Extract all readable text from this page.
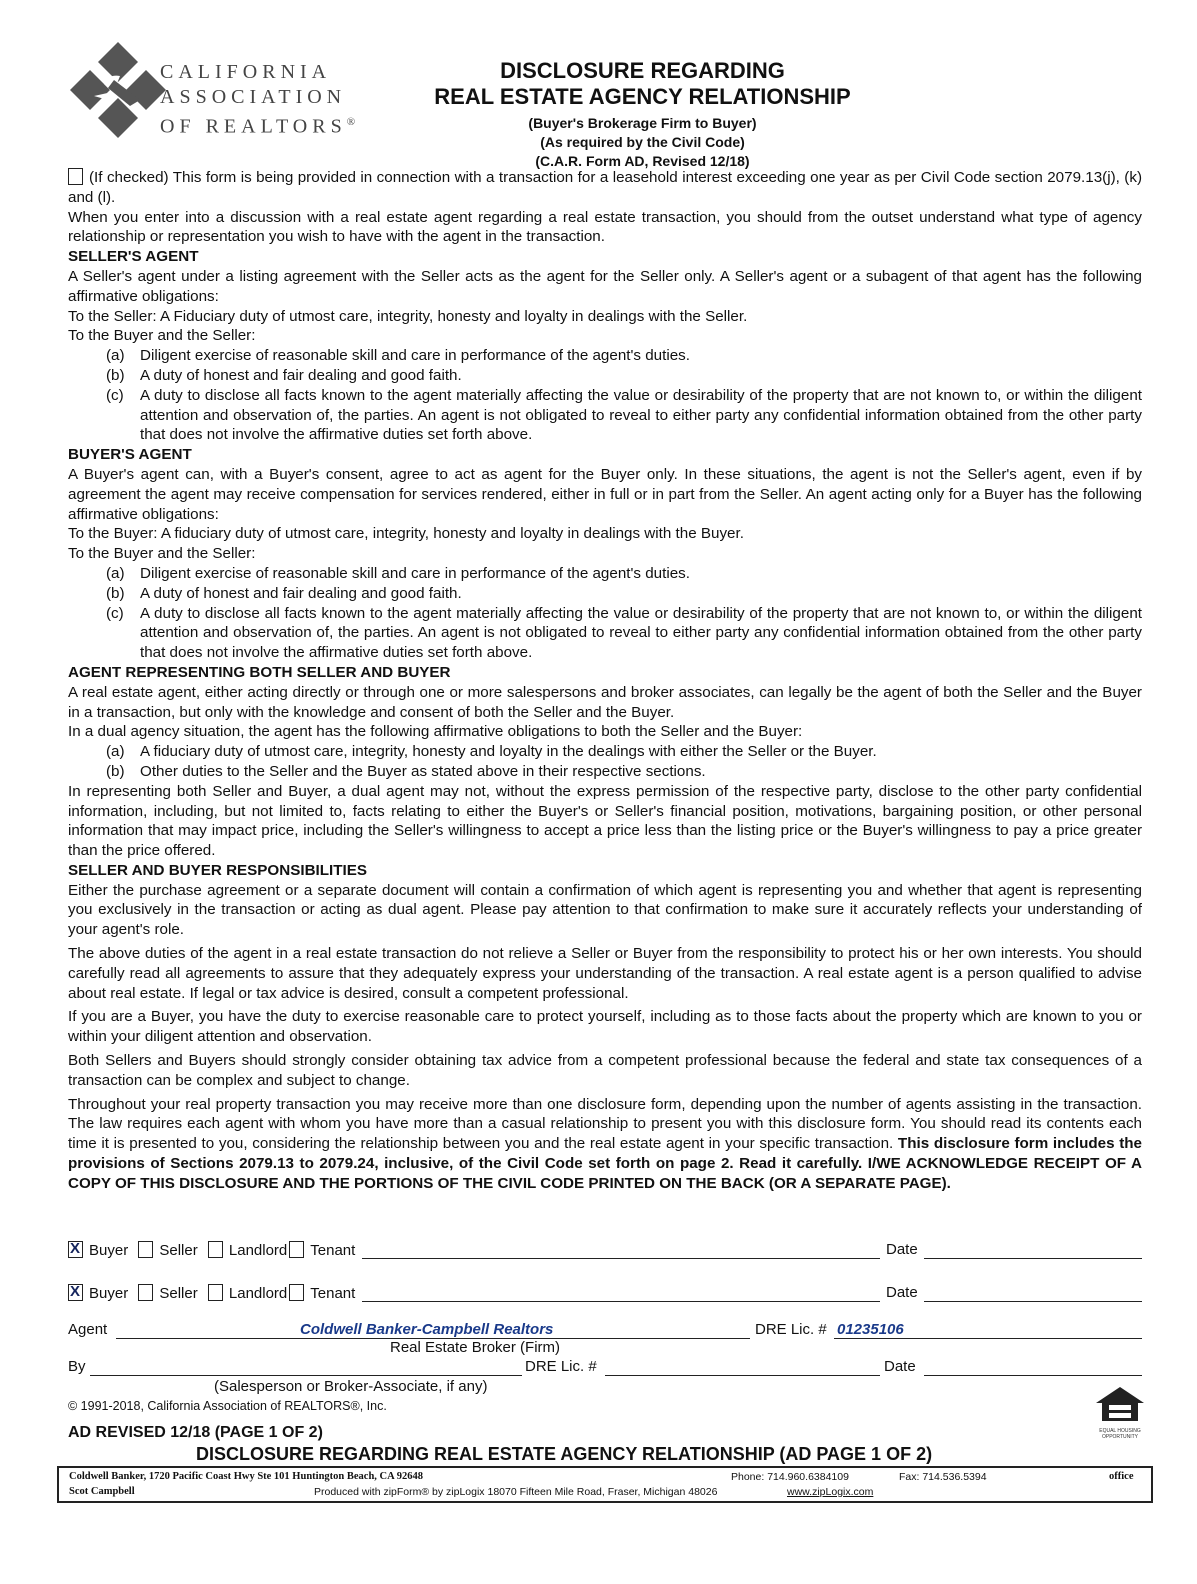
CALIFORNIA
ASSOCIATION
OF REALTORS®
DISCLOSURE REGARDING
REAL ESTATE AGENCY RELATIONSHIP
(Buyer's Brokerage Firm to Buyer)
(As required by the Civil Code)
(C.A.R. Form AD, Revised 12/18)

(If checked) This form is being provided in connection with a transaction for a leasehold interest exceeding one year as per Civil Code section 2079.13(j), (k) and (l).

When you enter into a discussion with a real estate agent regarding a real estate transaction, you should from the outset understand what type of agency relationship or representation you wish to have with the agent in the transaction.

SELLER'S AGENT

A Seller's agent under a listing agreement with the Seller acts as the agent for the Seller only. A Seller's agent or a subagent of that agent has the following affirmative obligations:

To the Seller: A Fiduciary duty of utmost care, integrity, honesty and loyalty in dealings with the Seller.

To the Buyer and the Seller:

(a)	Diligent exercise of reasonable skill and care in performance of the agent's duties.
(b)	A duty of honest and fair dealing and good faith.
(c)	A duty to disclose all facts known to the agent materially affecting the value or desirability of the property that are not known to, or within the diligent attention and observation of, the parties. An agent is not obligated to reveal to either party any confidential information obtained from the other party that does not involve the affirmative duties set forth above.
BUYER'S AGENT

A Buyer's agent can, with a Buyer's consent, agree to act as agent for the Buyer only. In these situations, the agent is not the Seller's agent, even if by agreement the agent may receive compensation for services rendered, either in full or in part from the Seller. An agent acting only for a Buyer has the following affirmative obligations:

To the Buyer: A fiduciary duty of utmost care, integrity, honesty and loyalty in dealings with the Buyer.

To the Buyer and the Seller:

(a)	Diligent exercise of reasonable skill and care in performance of the agent's duties.
(b)	A duty of honest and fair dealing and good faith.
(c)	A duty to disclose all facts known to the agent materially affecting the value or desirability of the property that are not known to, or within the diligent attention and observation of, the parties. An agent is not obligated to reveal to either party any confidential information obtained from the other party that does not involve the affirmative duties set forth above.
AGENT REPRESENTING BOTH SELLER AND BUYER

A real estate agent, either acting directly or through one or more salespersons and broker associates, can legally be the agent of both the Seller and the Buyer in a transaction, but only with the knowledge and consent of both the Seller and the Buyer.

In a dual agency situation, the agent has the following affirmative obligations to both the Seller and the Buyer:

(a)	A fiduciary duty of utmost care, integrity, honesty and loyalty in the dealings with either the Seller or the Buyer.
(b)	Other duties to the Seller and the Buyer as stated above in their respective sections.

In representing both Seller and Buyer, a dual agent may not, without the express permission of the respective party, disclose to the other party confidential information, including, but not limited to, facts relating to either the Buyer's or Seller's financial position, motivations, bargaining position, or other personal information that may impact price, including the Seller's willingness to accept a price less than the listing price or the Buyer's willingness to pay a price greater than the price offered.

SELLER AND BUYER RESPONSIBILITIES

Either the purchase agreement or a separate document will contain a confirmation of which agent is representing you and whether that agent is representing you exclusively in the transaction or acting as dual agent. Please pay attention to that confirmation to make sure it accurately reflects your understanding of your agent's role.

The above duties of the agent in a real estate transaction do not relieve a Seller or Buyer from the responsibility to protect his or her own interests. You should carefully read all agreements to assure that they adequately express your understanding of the transaction. A real estate agent is a person qualified to advise about real estate. If legal or tax advice is desired, consult a competent professional.

If you are a Buyer, you have the duty to exercise reasonable care to protect yourself, including as to those facts about the property which are known to you or within your diligent attention and observation.

Both Sellers and Buyers should strongly consider obtaining tax advice from a competent professional because the federal and state tax consequences of a transaction can be complex and subject to change.

Throughout your real property transaction you may receive more than one disclosure form, depending upon the number of agents assisting in the transaction. The law requires each agent with whom you have more than a casual relationship to present you with this disclosure form. You should read its contents each time it is presented to you, considering the relationship between you and the real estate agent in your specific transaction. This disclosure form includes the provisions of Sections 2079.13 to 2079.24, inclusive, of the Civil Code set forth on page 2. Read it carefully. I/WE ACKNOWLEDGE RECEIPT OF A COPY OF THIS DISCLOSURE AND THE PORTIONS OF THE CIVIL CODE PRINTED ON THE BACK (OR A SEPARATE PAGE).

XBuyer Seller Landlord Tenant	Date
XBuyer Seller Landlord Tenant	Date
Agent	Coldwell Banker-Campbell Realtors	DRE Lic. # 01235106
Real Estate Broker (Firm)
By	DRE Lic. #	Date
(Salesperson or Broker-Associate, if any)
© 1991-2018, California Association of REALTORS®, Inc.
AD REVISED 12/18 (PAGE 1 OF 2)
DISCLOSURE REGARDING REAL ESTATE AGENCY RELATIONSHIP (AD PAGE 1 OF 2)
EQUAL HOUSING
OPPORTUNITY
Coldwell Banker, 1720 Pacific Coast Hwy Ste 101 Huntington Beach, CA 92648
Scot Campbell
Phone: 714.960.6384109	Fax: 714.536.5394	office
Produced with zipForm® by zipLogix 18070 Fifteen Mile Road, Fraser, Michigan 48026	www.zipLogix.com
